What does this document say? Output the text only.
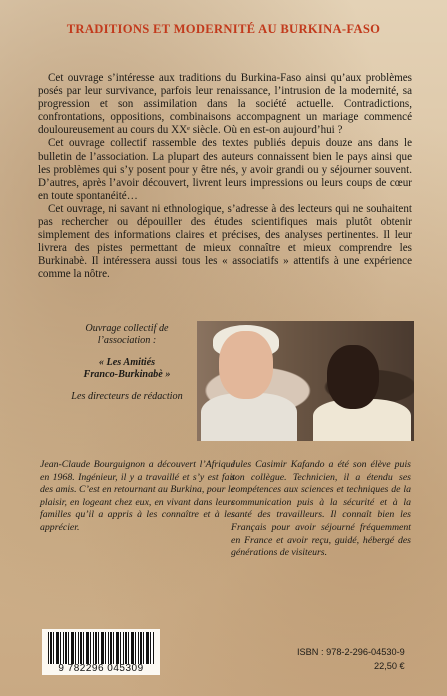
TRADITIONS ET MODERNITÉ AU BURKINA-FASO

Cet ouvrage s’intéresse aux traditions du Burkina-Faso ainsi qu’aux problèmes posés par leur survivance, parfois leur renaissance, l’intrusion de la modernité, sa progression et son assimilation dans la société actuelle. Contradictions, confrontations, oppositions, combinaisons accompagnent un mariage commencé douloureusement au cours du XXᵉ siècle. Où en est-on aujourd’hui ?

Cet ouvrage collectif rassemble des textes publiés depuis douze ans dans le bulletin de l’association. La plupart des auteurs connaissent bien le pays ainsi que les problèmes qui s’y posent pour y être nés, y avoir grandi ou y séjourner souvent. D’autres, après l’avoir découvert, livrent leurs impressions ou leurs coups de cœur en toute spontanéité…

Cet ouvrage, ni savant ni ethnologique, s’adresse à des lecteurs qui ne souhaitent pas rechercher ou dépouiller des études scientifiques mais plutôt obtenir simplement des informations claires et précises, des analyses pertinentes. Il leur livrera des pistes permettant de mieux connaître et mieux comprendre les Burkinabè. Il intéressera aussi tous les « associatifs » attentifs à une expérience comme la nôtre.

Ouvrage collectif de
l’association :
« Les Amitiés
Franco-Burkinabè »
Les directeurs de rédaction
Jean-Claude Bourguignon a découvert l’Afrique en 1968. Ingénieur, il y a travaillé et s’y est fait des amis. C’est en retournant au Burkina, pour le plaisir, en logeant chez eux, en vivant dans leurs familles qu’il a appris à les connaître et à les apprécier.
Jules Casimir Kafando a été son élève puis son collègue. Technicien, il a étendu ses compétences aux sciences et techniques de la communication puis à la sécurité et à la santé des travailleurs. Il connaît bien les Français pour avoir séjourné fréquemment en France et avoir reçu, guidé, hébergé des générations de visiteurs.
9 782296 045309
ISBN : 978-2-296-04530-9
22,50 €
